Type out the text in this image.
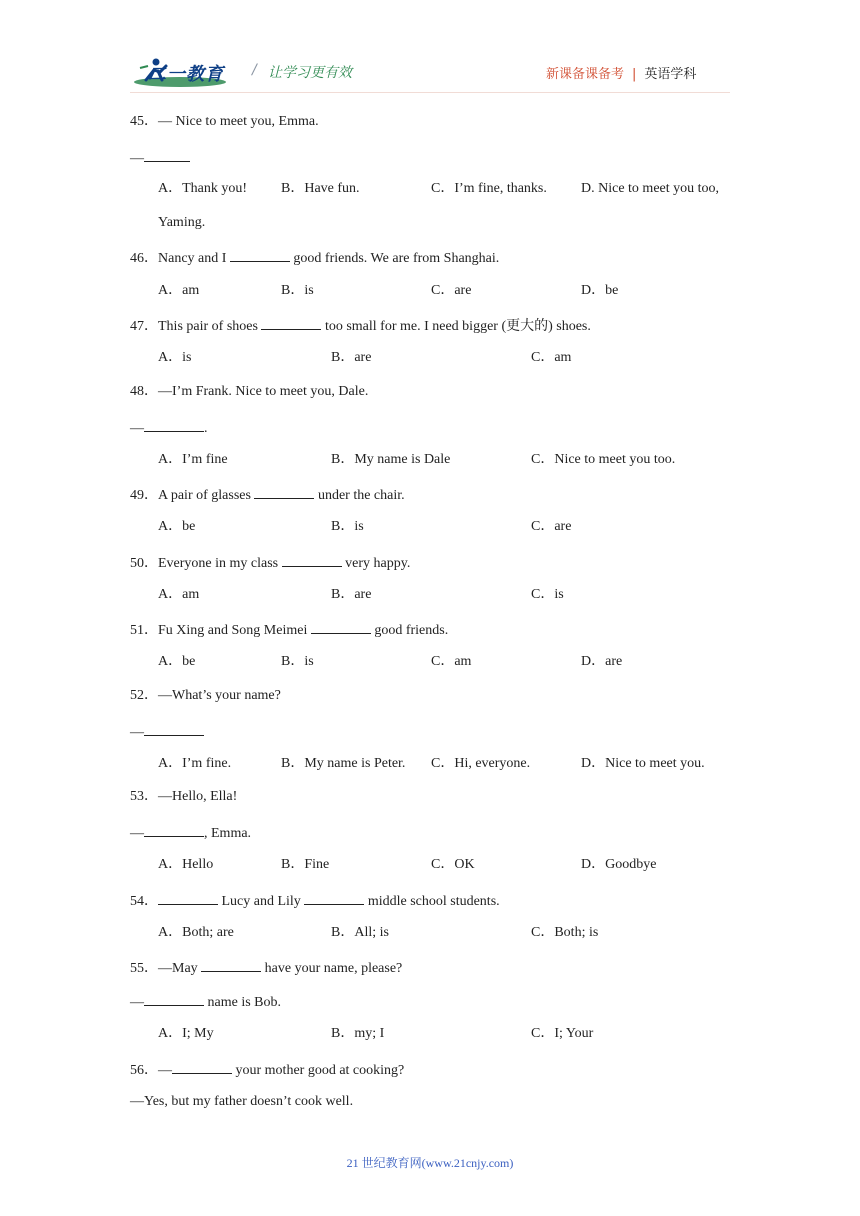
二一教育 / 让学习更有效	新课备课备考 | 英语学科
45．— Nice to meet you, Emma.
—
A．Thank you! B．Have fun.	C．I’m fine, thanks. D. Nice to meet you too,
Yaming.
46．Nancy and I	good friends. We are from Shanghai.
A．am	B．is	C．are	D．be
47．This pair of shoes	too small for me. I need bigger (更大的) shoes.
A．is	B．are	C．am
48．—I’m Frank. Nice to meet you, Dale.
—	.
A．I’m fine	B．My name is Dale	C．Nice to meet you too.
49．A pair of glasses	under the chair.
A．be	B．is	C．are
50．Everyone in my class	very happy.
A．am	B．are	C．is
51．Fu Xing and Song Meimei	good friends.
A．be	B．is	C．am	D．are
52．—What’s your name?
—
A．I’m fine.	B．My name is Peter. C．Hi, everyone.	D．Nice to meet you.
53．—Hello, Ella!
—	, Emma.
A．Hello	B．Fine	C．OK	D．Goodbye
54．	Lucy and Lily	middle school students.
A．Both; are	B．All; is	C．Both; is
55．—May	have your name, please?
—	name is Bob.
A．I; My	B．my; I	C．I; Your
56．—	your mother good at cooking?
—Yes, but my father doesn’t cook well.
21 世纪教育网(www.21cnjy.com)
